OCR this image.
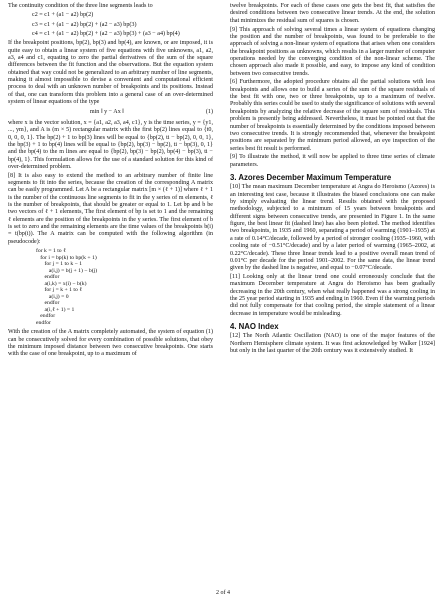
The continuity condition of the three line segments leads to

c2 = c1 + (a1 − a2) bp(2)
c3 = c1 + (a1 − a2) bp(2) + (a2 − a3) bp(3)
c4 = c1 + (a1 − a2) bp(2) + (a2 − a3) bp(3) + (a3 − a4) bp(4)

If the breakpoint positions, bp(2), bp(3) and bp(4), are known, or are imposed, it is quite easy to obtain a linear system of five equations with five unknowns, a1, a2, a3, a4 and c1, equating to zero the partial derivatives of the sum of the square differences between the fit function and the observations. But the equation system obtained that way could not be generalized to an arbitrary number of line segments, making it almost impossible to devise a convenient and computational efficient process to deal with an unknown number of breakpoints and its positions. Instead of that, one can transform this problem into a general case of an over-determined system of linear equations of the type

min ‖ y − Ax ‖	(1)

where x is the vector solution, x = {a1, a2, a3, a4, c1}, y is the time series, y = {y1, ..., ym}, and A is (m × 5) rectangular matrix with the first bp(2) lines equal to {t0, 0, 0, 0, 1}. The bp(2) + 1 to bp(3) lines will be equal to {bp(2), ti − bp(2), 0, 0, 1}, the bp(3) + 1 to bp(4) lines will be equal to {bp(2), bp(3) − bp(2), ti − bp(3), 0, 1} and the bp(4) to the m lines are equal to {bp(2), bp(3) − bp(2), bp(4) − bp(3), ti − bp(4), 1}. This formulation allows for the use of a standard solution for this kind of over-determined problem.

[8] It is also easy to extend the method to an arbitrary number of finite line segments to fit into the series, because the creation of the corresponding A matrix can be easily programmed. Let A be a rectangular matrix [m × (ℓ + 1)] where ℓ + 1 is the number of the continuous line segments to fit in the y series of m elements, ℓ is the number of breakpoints, that should be greater or equal to 1. Let bp and b be two vectors of ℓ + 1 elements, The first element of bp is set to 1 and the remaining ℓ elements are the position of the breakpoints in the y series. The first element of b is set to zero and the remaining elements are the time values of the breakpoints b(i) = t(bp(i)). The A matrix can be computed with the following algorithm (in pseudocode):

for k = 1 to ℓ
for i = bp(k) to bp(k + 1)
for j = 1 to k − 1
a(i,j) = b(j + 1) − b(j)
endfor
a(i,k) = x(i) − b(k)
for j = k + 1 to ℓ
a(i,j) = 0
endfor
a(i,ℓ + 1) = 1
endfor
endfor

With the creation of the A matrix completely automated, the system of equation (1) can be consecutively solved for every combination of possible solutions, that obey the minimum imposed distance between two consecutive breakpoints. One starts with the case of one breakpoint, up to a maximum of

twelve breakpoints. For each of these cases one gets the best fit, that satisfies the desired conditions between two consecutive linear trends. At the end, the solution that minimizes the residual sum of squares is chosen.

[9] This approach of solving several times a linear system of equations changing the position and the number of breakpoints, was found to be preferable to the approach of solving a non-linear system of equations that arises when one considers the breakpoint positions as unknowns, which results in a larger number of computer operations needed by the converging condition of the non-linear scheme. The chosen approach also made it possible, and easy, to impose any kind of condition between two consecutive trends.

[6] Furthermore, the adopted procedure obtains all the partial solutions with less breakpoints and allows one to build a series of the sum of the square residuals of the best fit with one, two or three breakpoints, up to a maximum of twelve. Probably this series could be used to study the significance of solutions with several breakpoints by analyzing the relative decrease of the square sum of residuals. This problem is presently being addressed. Nevertheless, it must be pointed out that the number of breakpoints is essentially determined by the conditions imposed between two consecutive trends. It is strongly recommended that, whenever the breakpoint positions are separated by the minimum period allowed, an eye inspection of the series best fit result is performed.

[9] To illustrate the method, it will now be applied to three time series of climate parameters.

3. Azores December Maximum Temperature

[10] The mean maximum December temperature at Angra do Heroismo (Azores) is an interesting test case, because it illustrates the biased conclusions one can make by simply evaluating the linear trend. Results obtained with the proposed methodology, subjected to a minimum of 15 years between breakpoints and different signs between consecutive trends, are presented in Figure 1. In the same figure, the best linear fit (dashed line) has also been plotted. The method identifies two breakpoints, in 1935 and 1960, separating a period of warming (1901–1935) at a rate of 0.14°C/decade, followed by a period of stronger cooling (1935–1960, with cooling rate of −0.51°C/decade) and by a later period of warming (1965–2002, at 0.22°C/decade). These three linear trends lead to a positive overall mean trend of 0.01°C per decade for the period 1901–2002. For the same data, the linear trend given by the dashed line is negative, and equal to −0.07°C/decade.

[11] Looking only at the linear trend one could erroneously conclude that the maximum December temperature at Angra do Heroismo has been gradually decreasing in the 20th century, when what really happened was a strong cooling in the 25 year period starting in 1935 and ending in 1960. Even if the warming periods did not fully compensate for that cooling period, the simple statement of a linear decrease in temperature would be misleading.

4. NAO Index

[12] The North Atlantic Oscillation (NAO) is one of the major features of the Northern Hemisphere climate system. It was first acknowledged by Walker [1924] but only in the last quarter of the 20th century was it extensively studied. It

2 of 4
